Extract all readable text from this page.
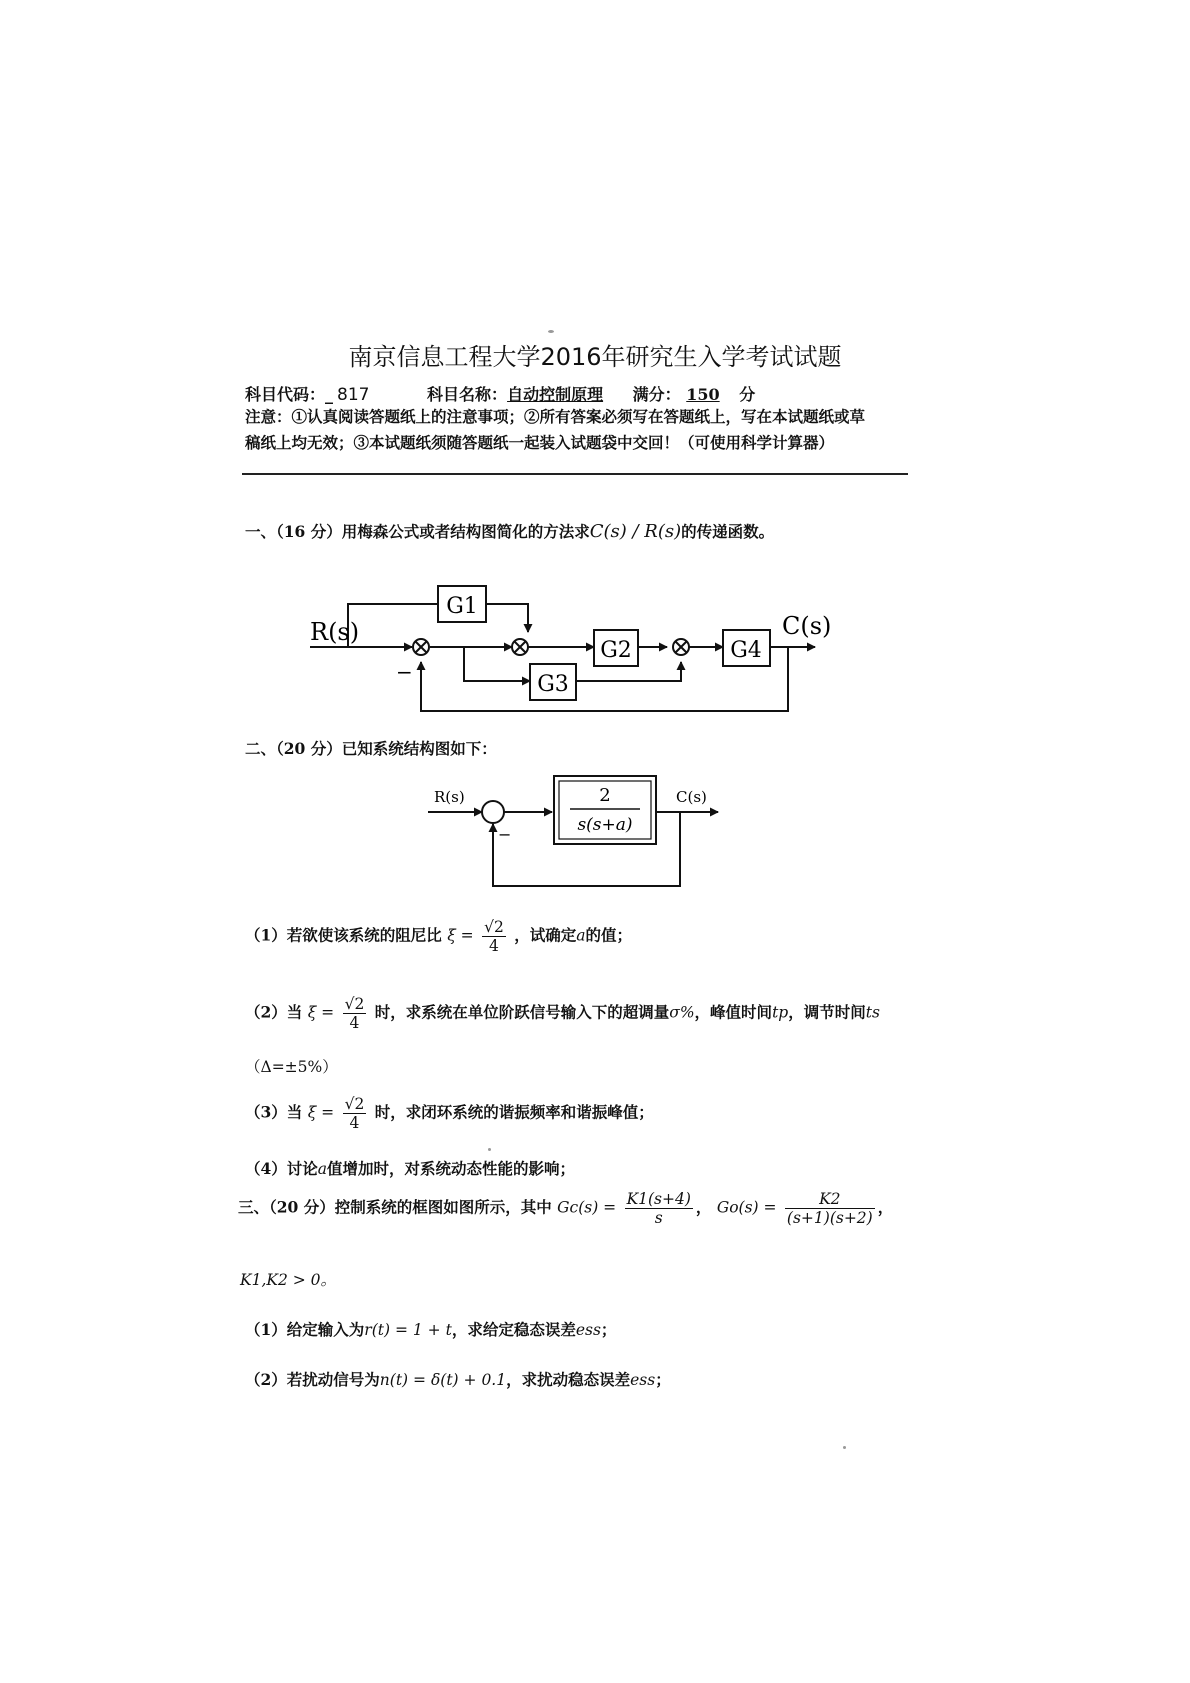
南京信息工程大学2016年研究生入学考试试题
科目代码：_ 817	科目名称：自动控制原理 满分： 150 分
注意：①认真阅读答题纸上的注意事项；②所有答案必须写在答题纸上，写在本试题纸或草
稿纸上均无效；③本试题纸须随答题纸一起装入试题袋中交回！（可使用科学计算器）
一、（16 分）用梅森公式或者结构图简化的方法求C(s) / R(s)的传递函数。
G1
G2
G3
G4
R(s)	C(s)
−
二、（20 分）已知系统结构图如下：
2
s(s+a)
R(s)	C(s)
−
（1）若欲使该系统的阻尼比 $\xi = \frac{√2}{4}$ ，试确定a的值；
（2）当 $\xi = \frac{√2}{4}$ 时，求系统在单位阶跃信号输入下的超调量σ%，峰值时间tp，调节时间ts
（Δ=±5%）
（3）当 $\xi = \frac{√2}{4}$ 时，求闭环系统的谐振频率和谐振峰值；
（4）讨论a值增加时，对系统动态性能的影响；
三、（20 分）控制系统的框图如图所示，其中 $Gc(s) = \frac{K1(s+4)}{s}$ ， $Go(s) = \frac{K2}{(s+1)(s+2)}$ ，
K1,K2 > 0。
（1）给定输入为r(t) = 1 + t，求给定稳态误差ess；
（2）若扰动信号为n(t) = δ(t) + 0.1，求扰动稳态误差ess；
